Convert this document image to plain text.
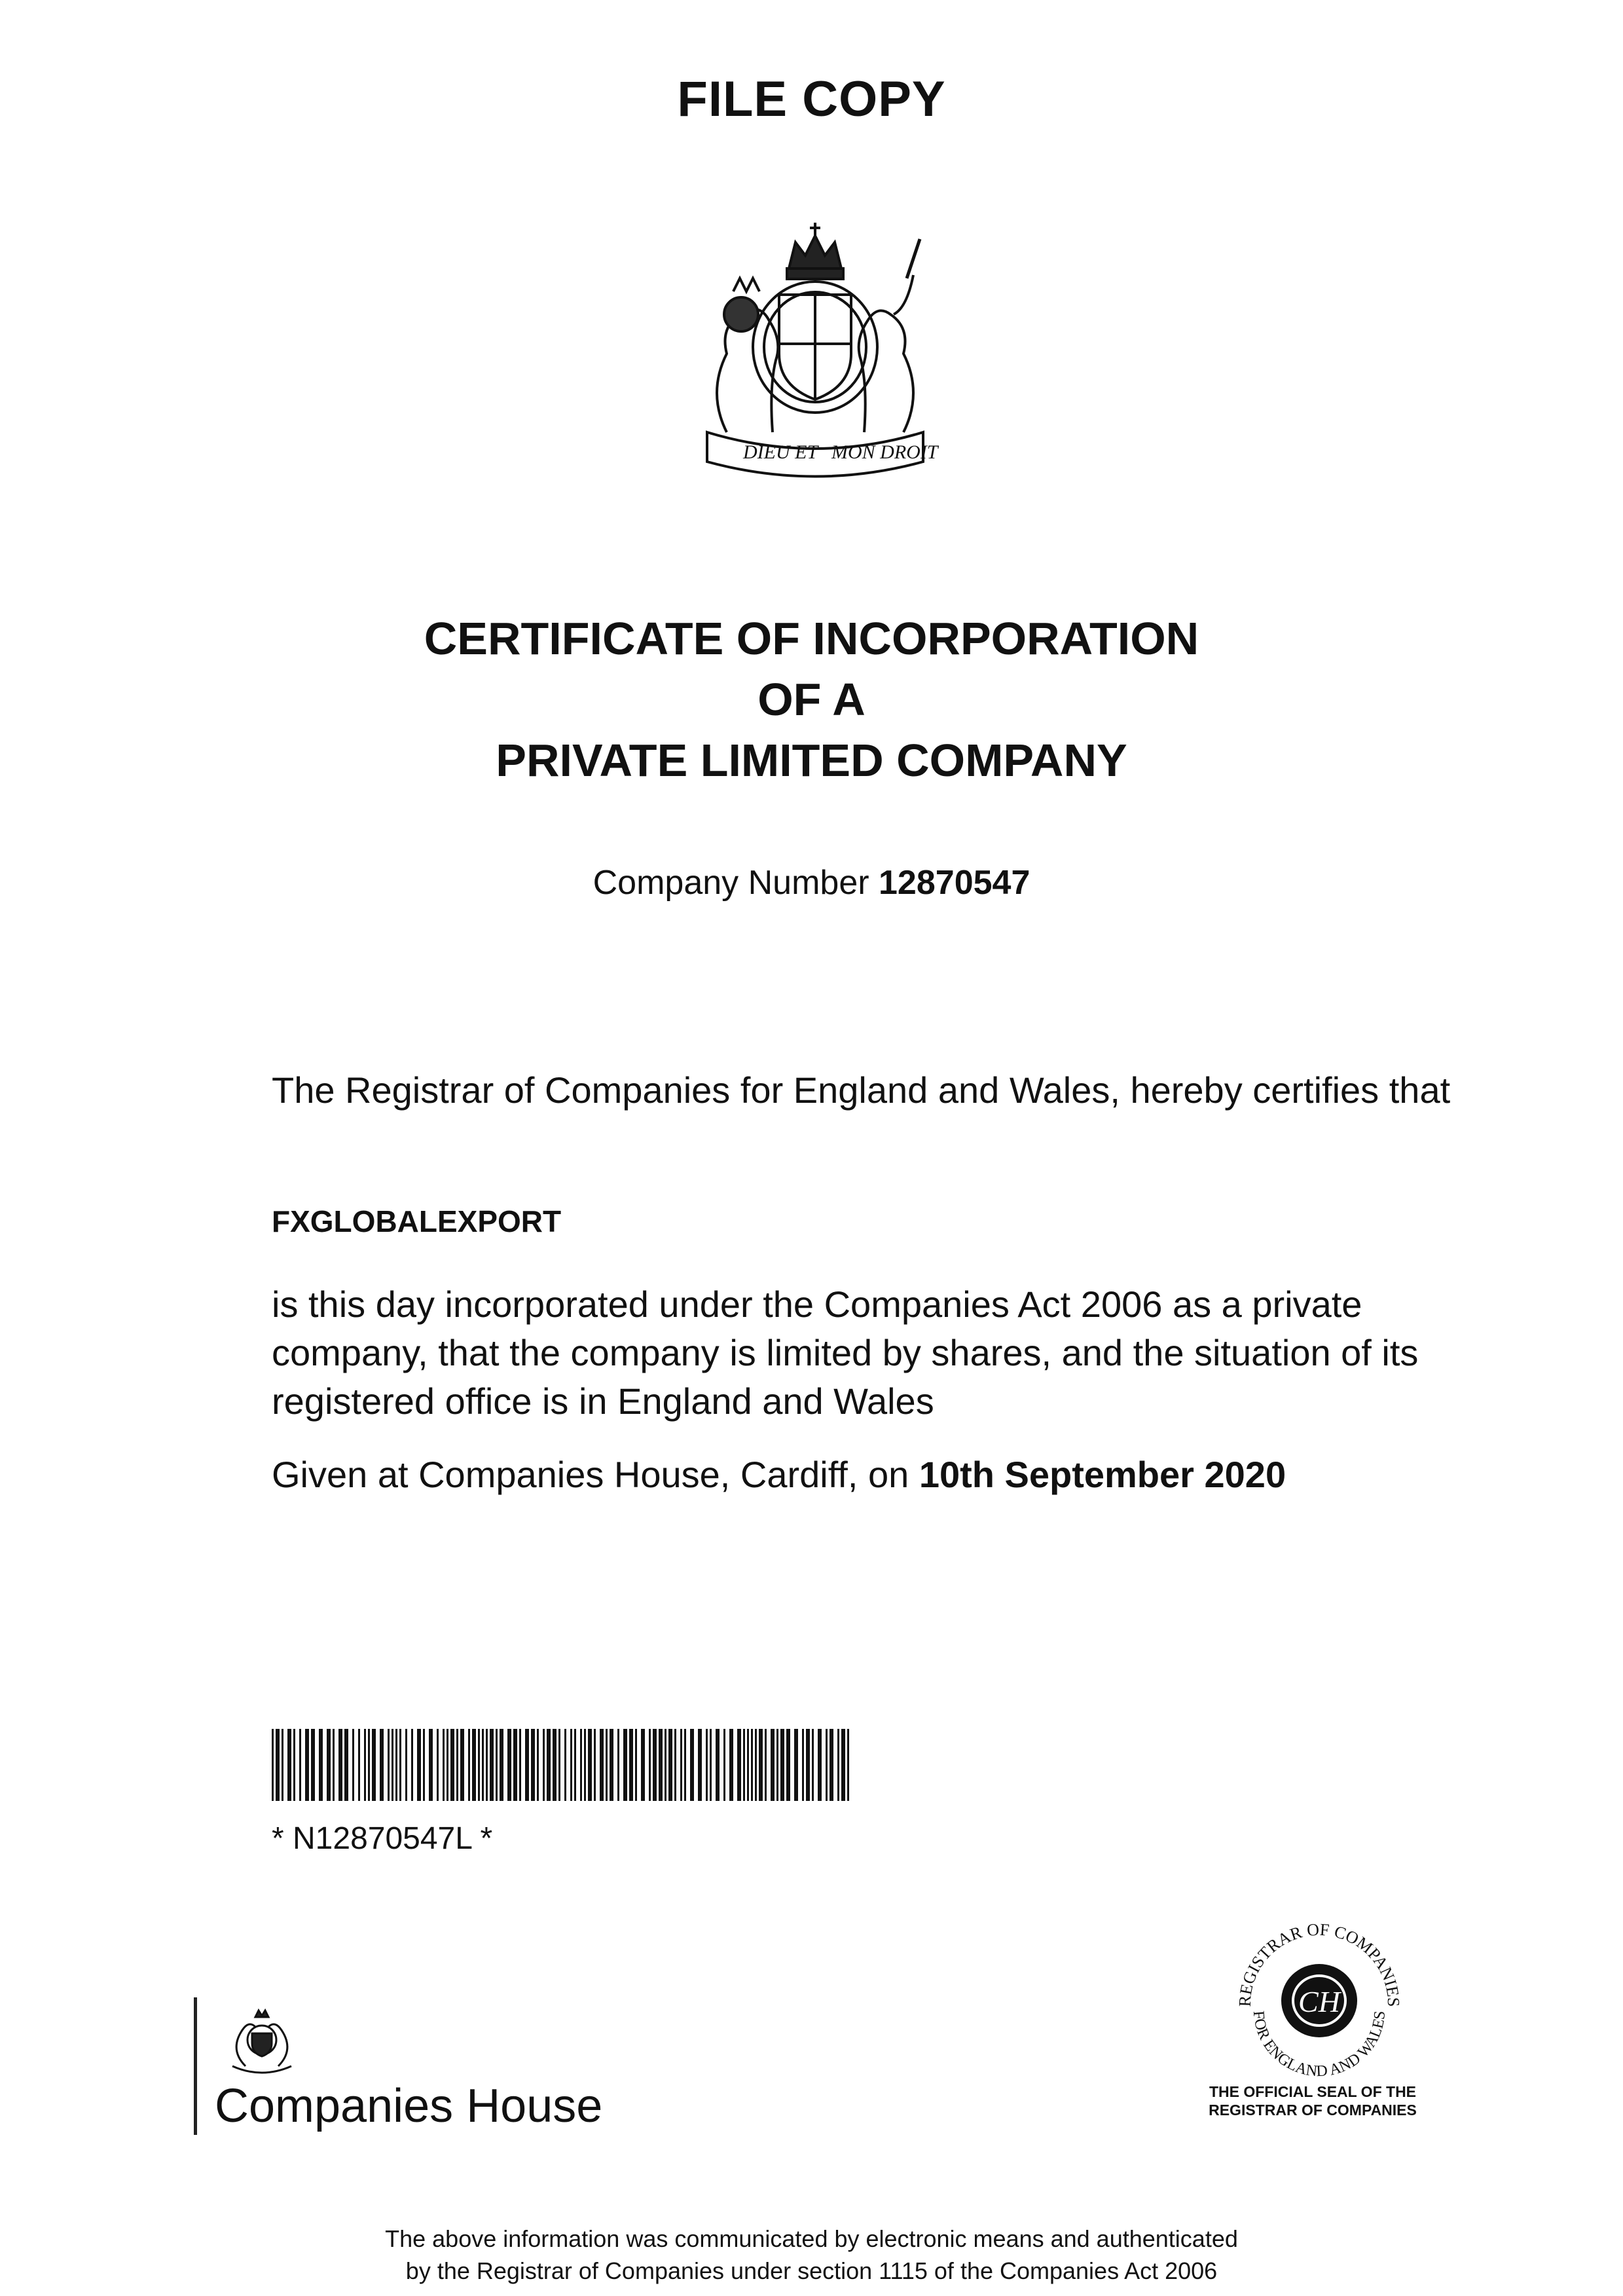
FILE COPY
DIEU ET MON DROIT
CERTIFICATE OF INCORPORATION
OF A
PRIVATE LIMITED COMPANY
Company Number 12870547
The Registrar of Companies for England and Wales, hereby certifies that
FXGLOBALEXPORT
is this day incorporated under the Companies Act 2006 as a private company, that the company is limited by shares, and the situation of its registered office is in England and Wales
Given at Companies House, Cardiff, on 10th September 2020
* N12870547L *
CH
REGISTRAR OF COMPANIES
FOR ENGLAND AND WALES
THE OFFICIAL SEAL OF THE
REGISTRAR OF COMPANIES
Companies House
The above information was communicated by electronic means and authenticated
by the Registrar of Companies under section 1115 of the Companies Act 2006
